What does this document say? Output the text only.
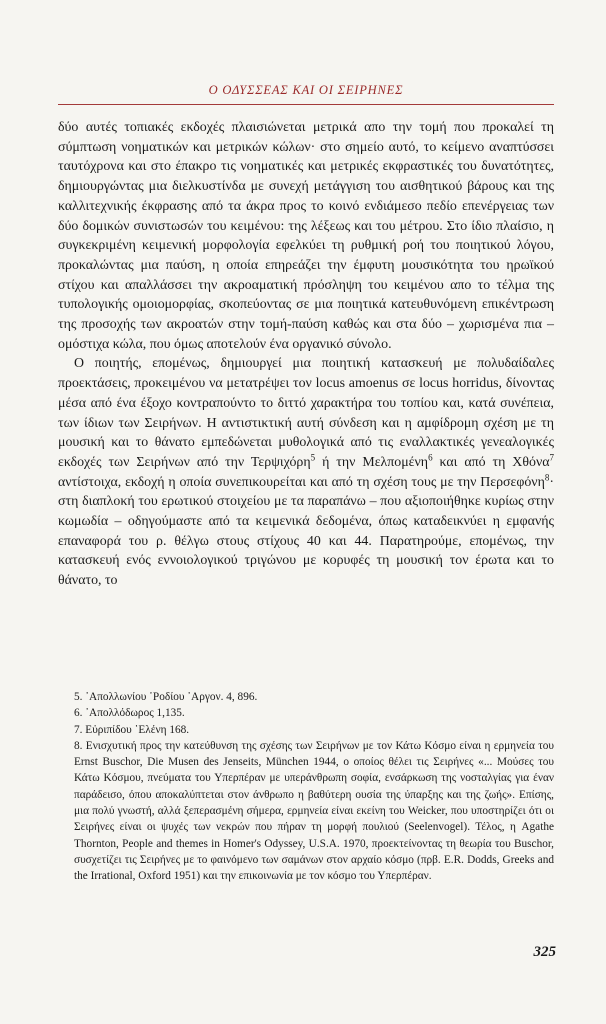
Ο ΟΔΥΣΣΕΑΣ ΚΑΙ ΟΙ ΣΕΙΡΗΝΕΣ

δύο αυτές τοπιακές εκδοχές πλαισιώνεται μετρικά απο την τομή που προκαλεί τη σύμπτωση νοηματικών και μετρικών κώλων· στο σημείο αυτό, το κείμενο αναπτύσσει ταυτόχρονα και στο έπακρο τις νοηματικές και μετρικές εκφραστικές του δυνατότητες, δημιουργώντας μια διελκυστίνδα με συνεχή μετάγγιση του αισθητικού βάρους και της καλλιτεχνικής έκφρασης από τα άκρα προς το κοινό ενδιάμεσο πεδίο επενέργειας των δύο δομικών συνιστωσών του κειμένου: της λέξεως και του μέτρου. Στο ίδιο πλαίσιο, η συγκεκριμένη κειμενική μορφολογία εφελκύει τη ρυθμική ροή του ποιητικού λόγου, προκαλώντας μια παύση, η οποία επηρεάζει την έμφυτη μουσικότητα του ηρωϊκού στίχου και απαλλάσσει την ακροαματική πρόσληψη του κειμένου απο το τέλμα της τυπολογικής ομοιομορφίας, σκοπεύοντας σε μια ποιητικά κατευθυνόμενη επικέντρωση της προσοχής των ακροατών στην τομή-παύση καθώς και στα δύο – χωρισμένα πια – ομόστιχα κώλα, που όμως αποτελούν ένα οργανικό σύνολο.

Ο ποιητής, επομένως, δημιουργεί μια ποιητική κατασκευή με πολυδαίδαλες προεκτάσεις, προκειμένου να μετατρέψει τον locus amoenus σε locus horridus, δίνοντας μέσα από ένα έξοχο κοντραπούντο το διττό χαρακτήρα του τοπίου και, κατά συνέπεια, των ίδιων των Σειρήνων. Η αντιστικτική αυτή σύνδεση και η αμφίδρομη σχέση με τη μουσική και το θάνατο εμπεδώνεται μυθολογικά από τις εναλλακτικές γενεαλογικές εκδοχές των Σειρήνων από την Τερψιχόρη$^5$ ή την Μελπομένη$^6$ και από τη Χθόνα$^7$ αντίστοιχα, εκδοχή η οποία συνεπικουρείται και από τη σχέση τους με την Περσεφόνη$^8$· στη διαπλοκή του ερωτικού στοιχείου με τα παραπάνω – που αξιοποιήθηκε κυρίως στην κωμωδία – οδηγούμαστε από τα κειμενικά δεδομένα, όπως καταδεικνύει η εμφανής επαναφορά του ρ. θέλγω στους στίχους 40 και 44. Παρατηρούμε, επομένως, την κατασκευή ενός εννοιολογικού τριγώνου με κορυφές τη μουσική τον έρωτα και το θάνατο, το

5. ᾿Απολλωνίου ῾Ροδίου ᾿Αργον. 4, 896.

6. ᾿Απολλόδωρος 1,135.

7. Εὐριπίδου ῾Ελένη 168.

8. Ενισχυτική προς την κατεύθυνση της σχέσης των Σειρήνων με τον Κάτω Κόσμο είναι η ερμηνεία του Ernst Buschor, Die Musen des Jenseits, München 1944, ο οποίος θέλει τις Σειρήνες «... Μούσες του Κάτω Κόσμου, πνεύματα του Υπερπέραν με υπεράνθρωπη σοφία, ενσάρκωση της νοσταλγίας για έναν παράδεισο, όπου αποκαλύπτεται στον άνθρωπο η βαθύτερη ουσία της ύπαρξης και της ζωής». Επίσης, μια πολύ γνωστή, αλλά ξεπερασμένη σήμερα, ερμηνεία είναι εκείνη του Weicker, που υποστηρίζει ότι οι Σειρήνες είναι οι ψυχές των νεκρών που πήραν τη μορφή πουλιού (Seelenvogel). Τέλος, η Agathe Thornton, People and themes in Homer's Odyssey, U.S.A. 1970, προεκτείνοντας τη θεωρία του Buschor, συσχετίζει τις Σειρήνες με το φαινόμενο των σαμάνων στον αρχαίο κόσμο (πρβ. E.R. Dodds, Greeks and the Irrational, Oxford 1951) και την επικοινωνία με τον κόσμο του Υπερπέραν.

325
